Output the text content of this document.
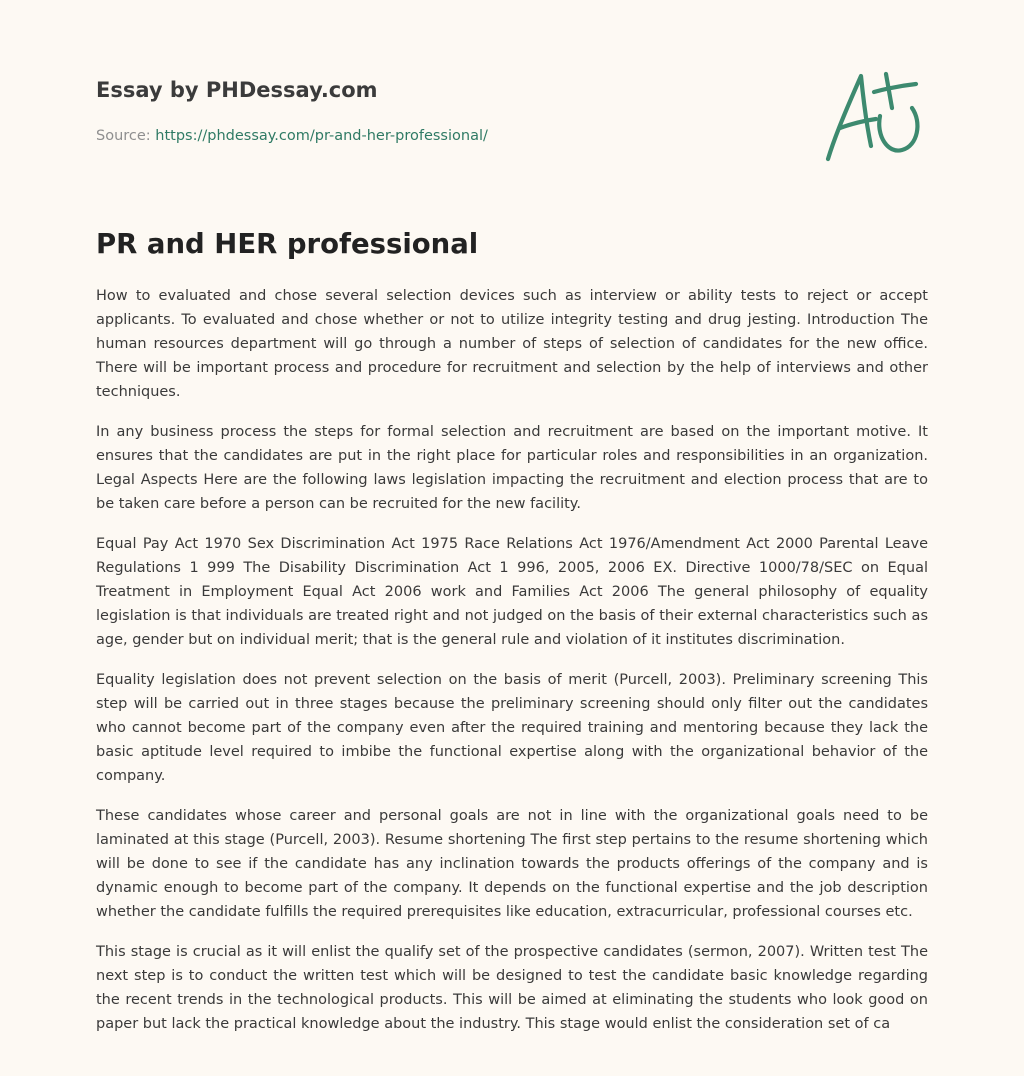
Essay by PHDessay.com
Source: https://phdessay.com/pr-and-her-professional/
PR and HER professional

How to evaluated and chose several selection devices such as interview or ability tests to reject or accept applicants. To evaluated and chose whether or not to utilize integrity testing and drug jesting. Introduction The human resources department will go through a number of steps of selection of candidates for the new office. There will be important process and procedure for recruitment and selection by the help of interviews and other techniques.

In any business process the steps for formal selection and recruitment are based on the important motive. It ensures that the candidates are put in the right place for particular roles and responsibilities in an organization. Legal Aspects Here are the following laws legislation impacting the recruitment and election process that are to be taken care before a person can be recruited for the new facility.

Equal Pay Act 1970 Sex Discrimination Act 1975 Race Relations Act 1976/Amendment Act 2000 Parental Leave Regulations 1 999 The Disability Discrimination Act 1 996, 2005, 2006 EX. Directive 1000/78/SEC on Equal Treatment in Employment Equal Act 2006 work and Families Act 2006 The general philosophy of equality legislation is that individuals are treated right and not judged on the basis of their external characteristics such as age, gender but on individual merit; that is the general rule and violation of it institutes discrimination.

Equality legislation does not prevent selection on the basis of merit (Purcell, 2003). Preliminary screening This step will be carried out in three stages because the preliminary screening should only filter out the candidates who cannot become part of the company even after the required training and mentoring because they lack the basic aptitude level required to imbibe the functional expertise along with the organizational behavior of the company.

These candidates whose career and personal goals are not in line with the organizational goals need to be laminated at this stage (Purcell, 2003). Resume shortening The first step pertains to the resume shortening which will be done to see if the candidate has any inclination towards the products offerings of the company and is dynamic enough to become part of the company. It depends on the functional expertise and the job description whether the candidate fulfills the required prerequisites like education, extracurricular, professional courses etc.

This stage is crucial as it will enlist the qualify set of the prospective candidates (sermon, 2007). Written test The next step is to conduct the written test which will be designed to test the candidate basic knowledge regarding the recent trends in the technological products. This will be aimed at eliminating the students who look good on paper but lack the practical knowledge about the industry. This stage would enlist the consideration set of ca
